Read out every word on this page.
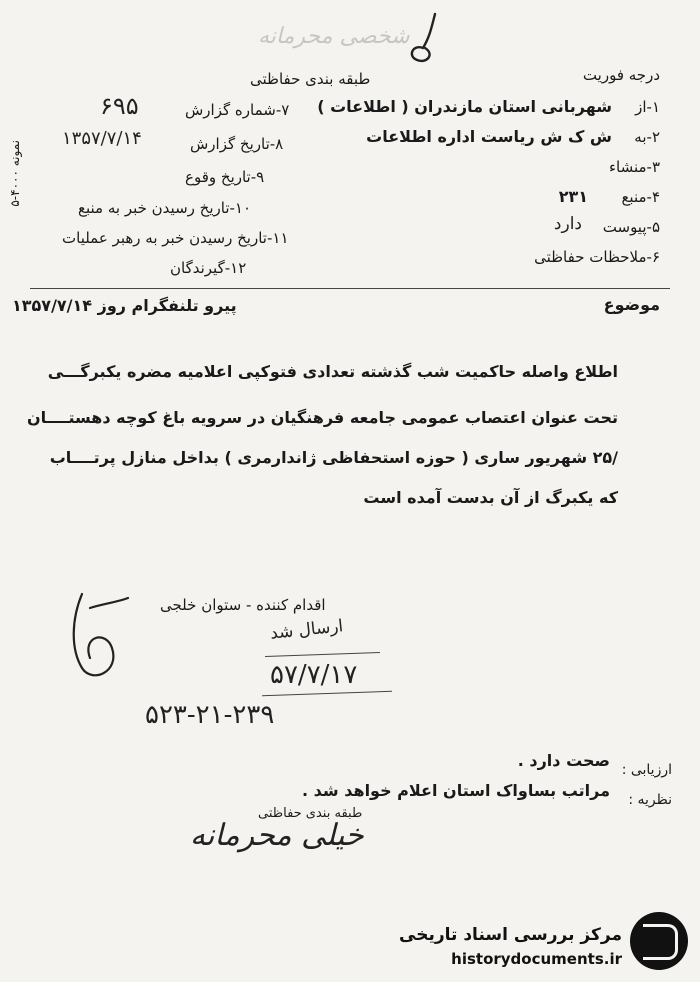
شخصی محرمانه
طبقه بندی حفاظتی	درجه فوریت
۱-از
شهربانی استان مازندران ( اطلاعات )
۲-به
ش ک ش ریاست اداره اطلاعات
۳-منشاء
۴-منبع
۲۳۱
۵-پیوست
دارد
۶-ملاحظات حفاظتی
۷-شماره گزارش
۶۹۵
۸-تاریخ گزارش
۱۳۵۷/۷/۱۴
۹-تاریخ وقوع
۱۰-تاریخ رسیدن خبر به منبع
۱۱-تاریخ رسیدن خبر به رهبر عملیات
۱۲-گیرندگان
نمونه ۴۰۰۰-۵
موضوع
پیرو تلنفگرام روز ۱۳۵۷/۷/۱۴
اطلاع واصله حاکمیت شب گذشته تعدادی فتوکپی اعلامیه مضره یکبرگـــی
تحت عنوان اعتصاب عمومی جامعه فرهنگیان در سرویه باغ کوچه دهستــــان
/۲۵ شهریور ساری ( حوزه استحفاظی ژاندارمری ) بداخل منازل پرتــــاب
که یکبرگ از آن بدست آمده است
اقدام کننده - ستوان خلجی
ارسال شد
۵۷/۷/۱۷
۵۲۳-۲۱-۲۳۹
ارزیابی :
صحت دارد .
نظریه :
مراتب بساواک استان اعلام خواهد شد .
طبقه بندی حفاظتی
خیلی محرمانه
مرکز بررسی اسناد تاریخی
historydocuments.ir
